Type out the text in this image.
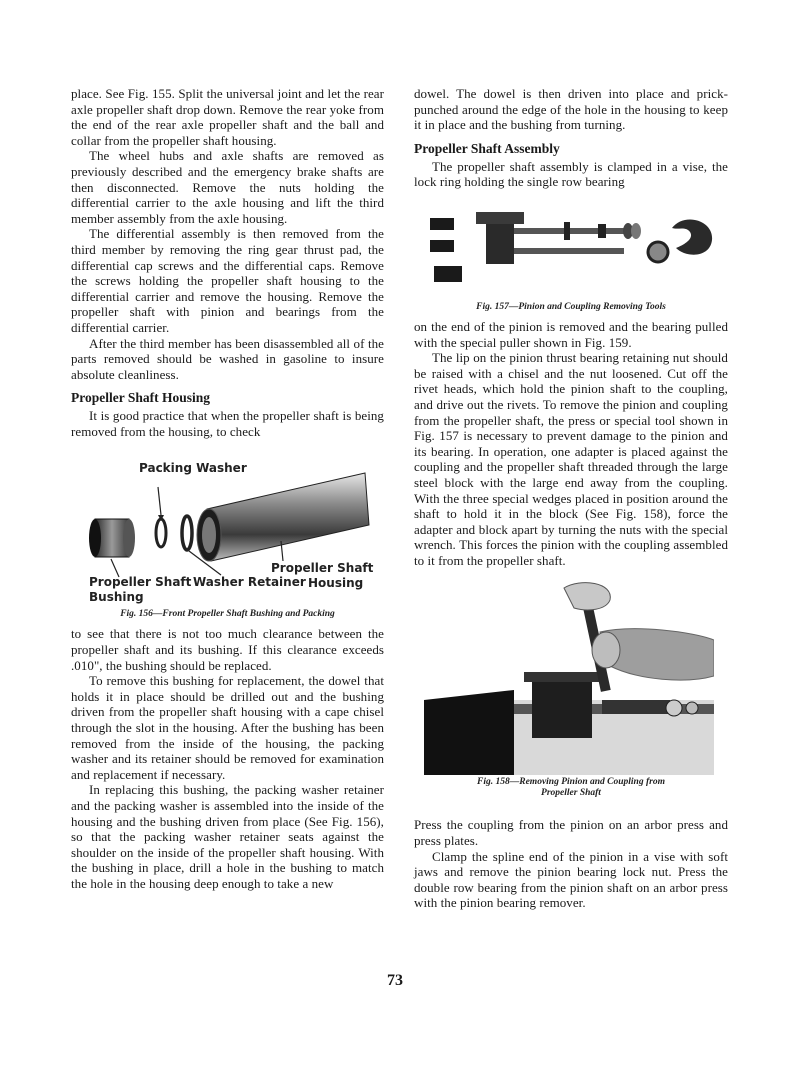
place. See Fig. 155. Split the universal joint and let the rear axle propeller shaft drop down. Remove the rear yoke from the end of the rear axle propeller shaft and the ball and collar from the propeller shaft housing.

The wheel hubs and axle shafts are removed as previously described and the emergency brake shafts are then disconnected. Remove the nuts holding the differential carrier to the axle housing and lift the third member assembly from the axle housing.

The differential assembly is then removed from the third member by removing the ring gear thrust pad, the differential cap screws and the differential caps. Remove the screws holding the propeller shaft housing to the differential carrier and remove the housing. Remove the propeller shaft with pinion and bearings from the differential carrier.

After the third member has been disassembled all of the parts removed should be washed in gasoline to insure absolute cleanliness.

Propeller Shaft Housing

It is good practice that when the propeller shaft is being removed from the housing, to check

Packing Washer
Propeller Shaft
Housing
Propeller Shaft
Bushing
Washer Retainer
Fig. 156—Front Propeller Shaft Bushing and Packing

to see that there is not too much clearance between the propeller shaft and its bushing. If this clearance exceeds .010", the bushing should be replaced.

To remove this bushing for replacement, the dowel that holds it in place should be drilled out and the bushing driven from the propeller shaft housing with a cape chisel through the slot in the housing. After the bushing has been removed from the inside of the housing, the packing washer and its retainer should be removed for examination and replacement if necessary.

In replacing this bushing, the packing washer retainer and the packing washer is assembled into the inside of the housing and the bushing driven from place (See Fig. 156), so that the packing washer retainer seats against the shoulder on the inside of the propeller shaft housing. With the bushing in place, drill a hole in the bushing to match the hole in the housing deep enough to take a new

dowel. The dowel is then driven into place and prick-punched around the edge of the hole in the housing to keep it in place and the bushing from turning.

Propeller Shaft Assembly

The propeller shaft assembly is clamped in a vise, the lock ring holding the single row bearing

Fig. 157—Pinion and Coupling Removing Tools

on the end of the pinion is removed and the bearing pulled with the special puller shown in Fig. 159.

The lip on the pinion thrust bearing retaining nut should be raised with a chisel and the nut loosened. Cut off the rivet heads, which hold the pinion shaft to the coupling, and drive out the rivets. To remove the pinion and coupling from the propeller shaft, the press or special tool shown in Fig. 157 is necessary to prevent damage to the pinion and its bearing. In operation, one adapter is placed against the coupling and the propeller shaft threaded through the large steel block with the large end away from the coupling. With the three special wedges placed in position around the shaft to hold it in the block (See Fig. 158), force the adapter and block apart by turning the nuts with the special wrench. This forces the pinion with the coupling assembled to it from the propeller shaft.

Fig. 158—Removing Pinion and Coupling from
Propeller Shaft

Press the coupling from the pinion on an arbor press and press plates.

Clamp the spline end of the pinion in a vise with soft jaws and remove the pinion bearing lock nut. Press the double row bearing from the pinion shaft on an arbor press with the pinion bearing remover.

73
